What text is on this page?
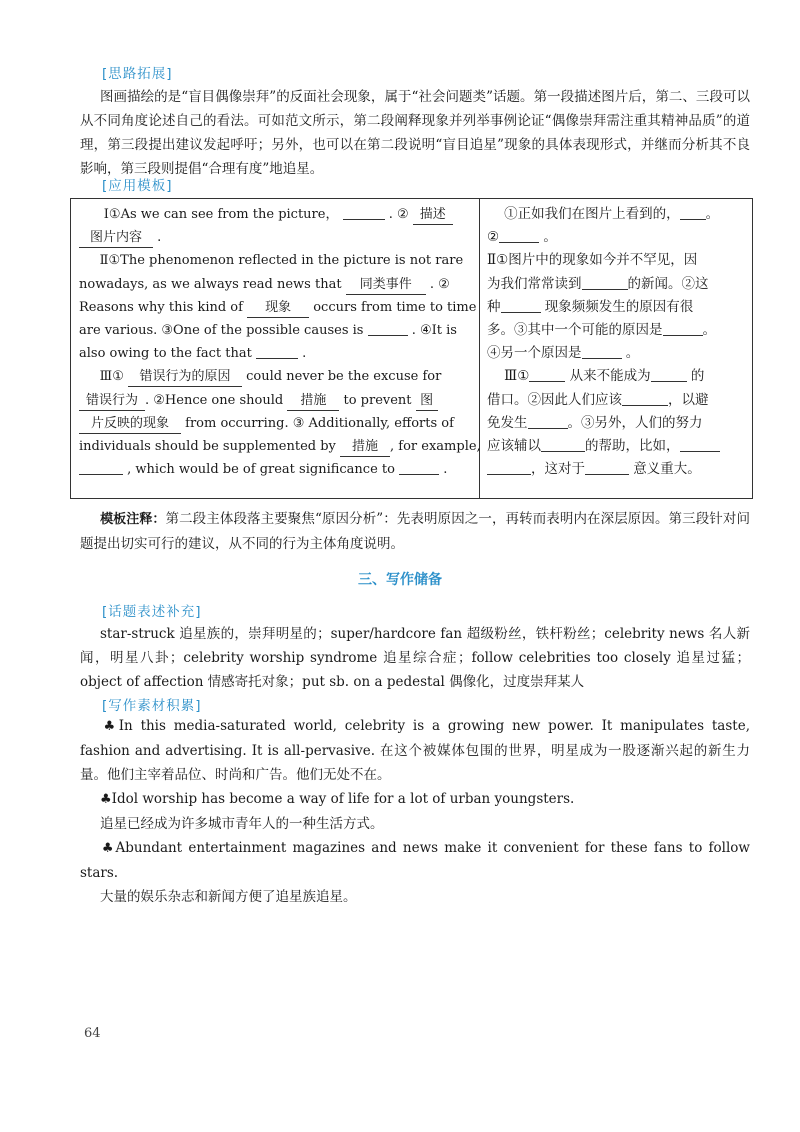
[思路拓展]
图画描绘的是“盲目偶像崇拜”的反面社会现象，属于“社会问题类”话题。第一段描述图片后，第二、三段可以从不同角度论述自己的看法。可如范文所示，第二段阐释现象并列举事例论证“偶像崇拜需注重其精神品质”的道理，第三段提出建议发起呼吁；另外，也可以在第二段说明“盲目追星”现象的具体表现形式，并继而分析其不良影响，第三段则提倡“合理有度”地追星。
[应用模板]
Ⅰ①As we can see from the picture，	. ② 描述
图片内容 .
Ⅱ①The phenomenon reflected in the picture is not rare
nowadays, as we always read news that 同类事件 . ②
Reasons why this kind of 现象 occurs from time to time
are various. ③One of the possible causes is	. ④It is
also owing to the fact that	.
Ⅲ① 错误行为的原因 could never be the excuse for
错误行为 . ②Hence one should 措施 to prevent 图
片反映的现象 from occurring. ③ Additionally, efforts of
individuals should be supplemented by 措施 , for example,
, which would be of great significance to	.
①正如我们在图片上看到的， 。
②	。
Ⅱ①图片中的现象如今并不罕见，因
为我们常常读到	的新闻。②这
种	现象频频发生的原因有很
多。③其中一个可能的原因是	。
④另一个原因是	。
Ⅲ①	从来不能成为	的
借口。②因此人们应该	，以避
免发生	。③另外，人们的努力
应该辅以	的帮助，比如，
，这对于	意义重大。
模板注释：第二段主体段落主要聚焦“原因分析”：先表明原因之一，再转而表明内在深层原因。第三段针对问题提出切实可行的建议，从不同的行为主体角度说明。
三、写作储备
[话题表述补充]
star-struck 追星族的，崇拜明星的；super/hardcore fan 超级粉丝，铁杆粉丝；celebrity news 名人新闻，明星八卦；celebrity worship syndrome 追星综合症；follow celebrities too closely 追星过猛；object of affection 情感寄托对象；put sb. on a pedestal 偶像化，过度崇拜某人
[写作素材积累]
♣In this media-saturated world, celebrity is a growing new power. It manipulates taste, fashion and advertising. It is all-pervasive. 在这个被媒体包围的世界，明星成为一股逐渐兴起的新生力量。他们主宰着品位、时尚和广告。他们无处不在。
♣Idol worship has become a way of life for a lot of urban youngsters.
追星已经成为许多城市青年人的一种生活方式。
♣Abundant entertainment magazines and news make it convenient for these fans to follow stars.
大量的娱乐杂志和新闻方便了追星族追星。
64
